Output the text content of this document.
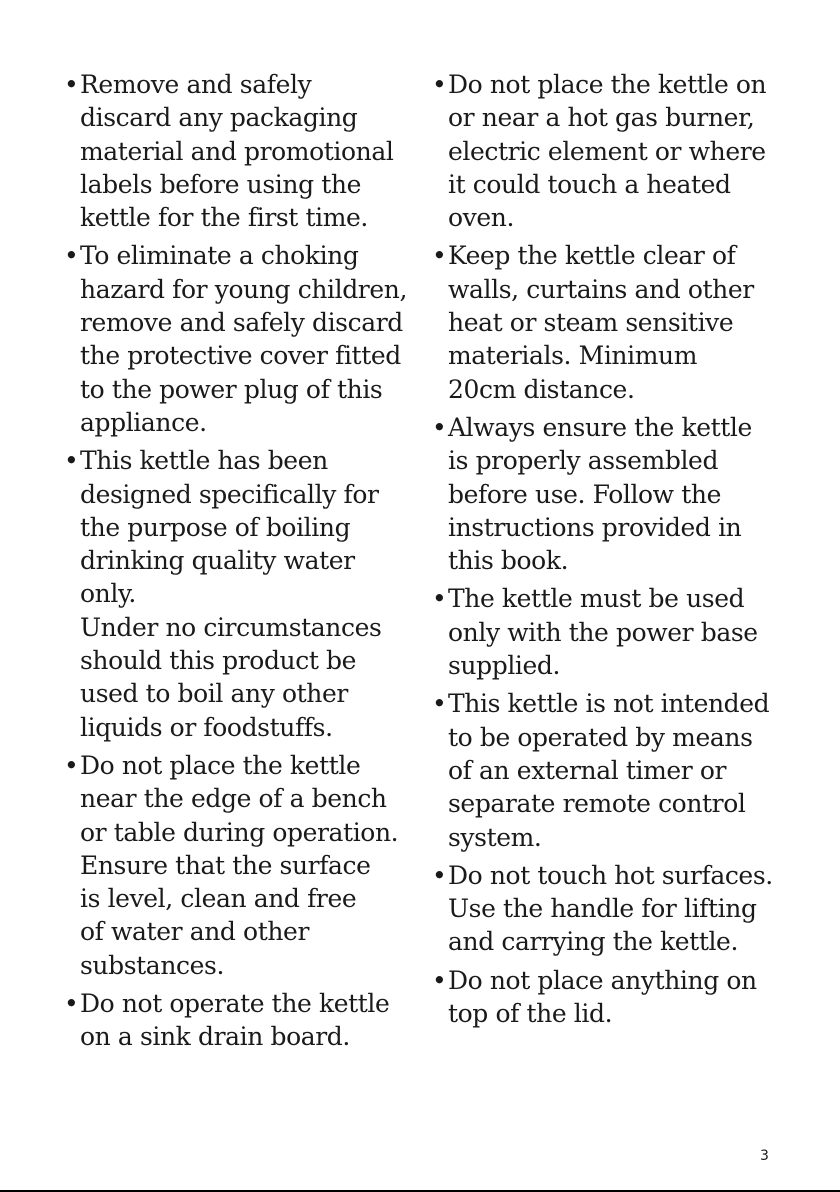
• Remove and safely
discard any packaging
material and promotional
labels before using the
kettle for the first time.

• To eliminate a choking
hazard for young children,
remove and safely discard
the protective cover fitted
to the power plug of this
appliance.

• This kettle has been
designed specifically for
the purpose of boiling
drinking quality water
only.

Under no circumstances
should this product be
used to boil any other
liquids or foodstuffs.

• Do not place the kettle
near the edge of a bench
or table during operation.
Ensure that the surface
is level, clean and free
of water and other
substances.

• Do not operate the kettle
on a sink drain board.

• Do not place the kettle on
or near a hot gas burner,
electric element or where
it could touch a heated
oven.

• Keep the kettle clear of
walls, curtains and other
heat or steam sensitive
materials. Minimum
20cm distance.

• Always ensure the kettle
is properly assembled
before use. Follow the
instructions provided in
this book.

• The kettle must be used
only with the power base
supplied.

• This kettle is not intended
to be operated by means
of an external timer or
separate remote control
system.

• Do not touch hot surfaces.
Use the handle for lifting
and carrying the kettle.

• Do not place anything on
top of the lid.

3
